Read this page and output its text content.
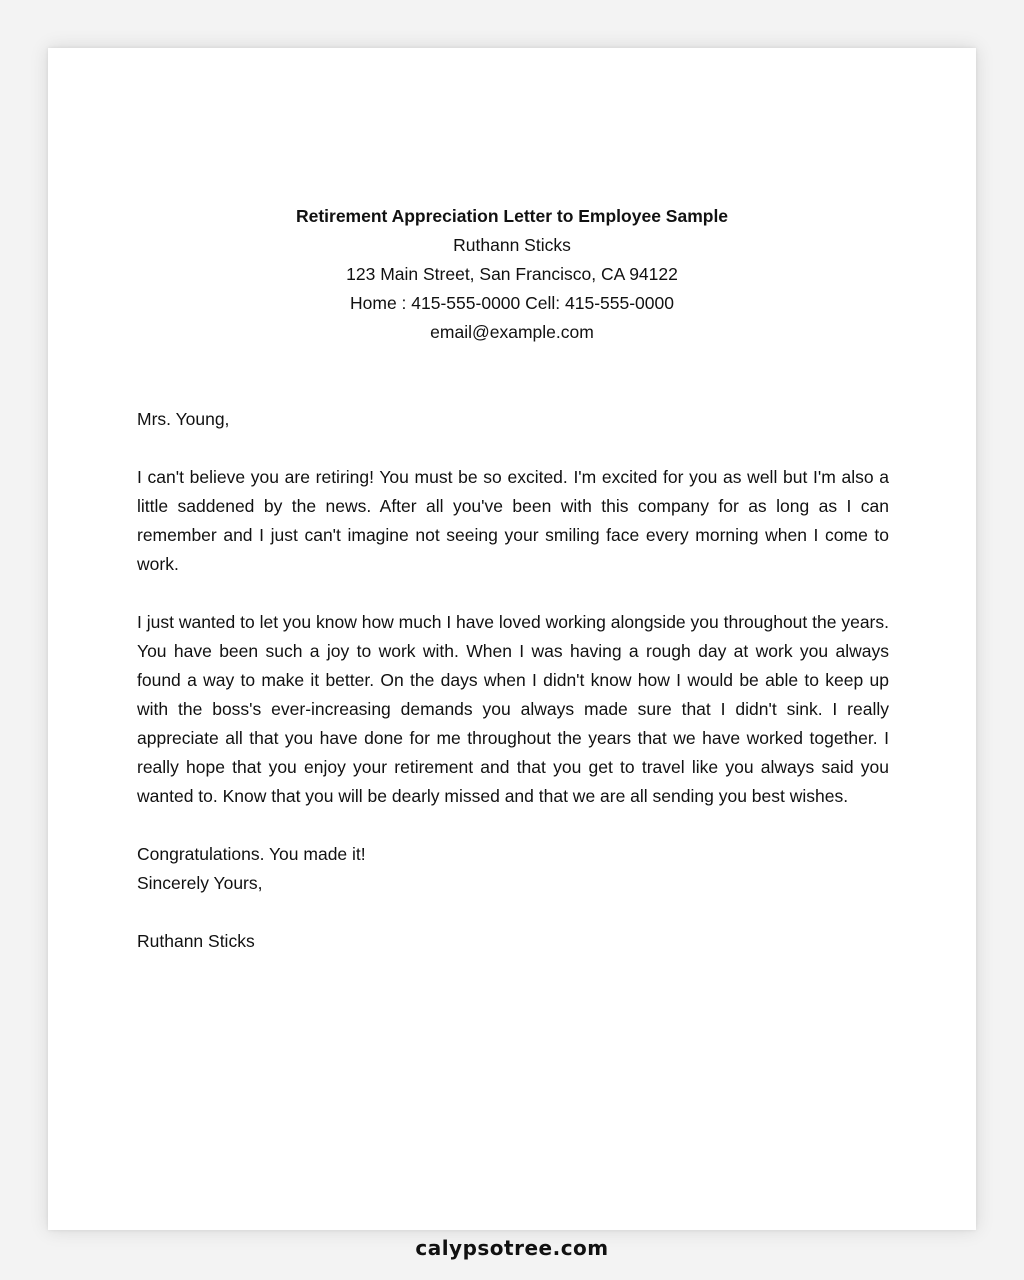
Retirement Appreciation Letter to Employee Sample
Ruthann Sticks
123 Main Street, San Francisco, CA 94122
Home : 415-555-0000 Cell: 415-555-0000
email@example.com

Mrs. Young,

I can't believe you are retiring! You must be so excited. I'm excited for you as well but I'm also a little saddened by the news. After all you've been with this company for as long as I can remember and I just can't imagine not seeing your smiling face every morning when I come to work.

I just wanted to let you know how much I have loved working alongside you throughout the years. You have been such a joy to work with. When I was having a rough day at work you always found a way to make it better. On the days when I didn't know how I would be able to keep up with the boss's ever-increasing demands you always made sure that I didn't sink. I really appreciate all that you have done for me throughout the years that we have worked together. I really hope that you enjoy your retirement and that you get to travel like you always said you wanted to. Know that you will be dearly missed and that we are all sending you best wishes.

Congratulations. You made it!
Sincerely Yours,

Ruthann Sticks

calypsotree.com
